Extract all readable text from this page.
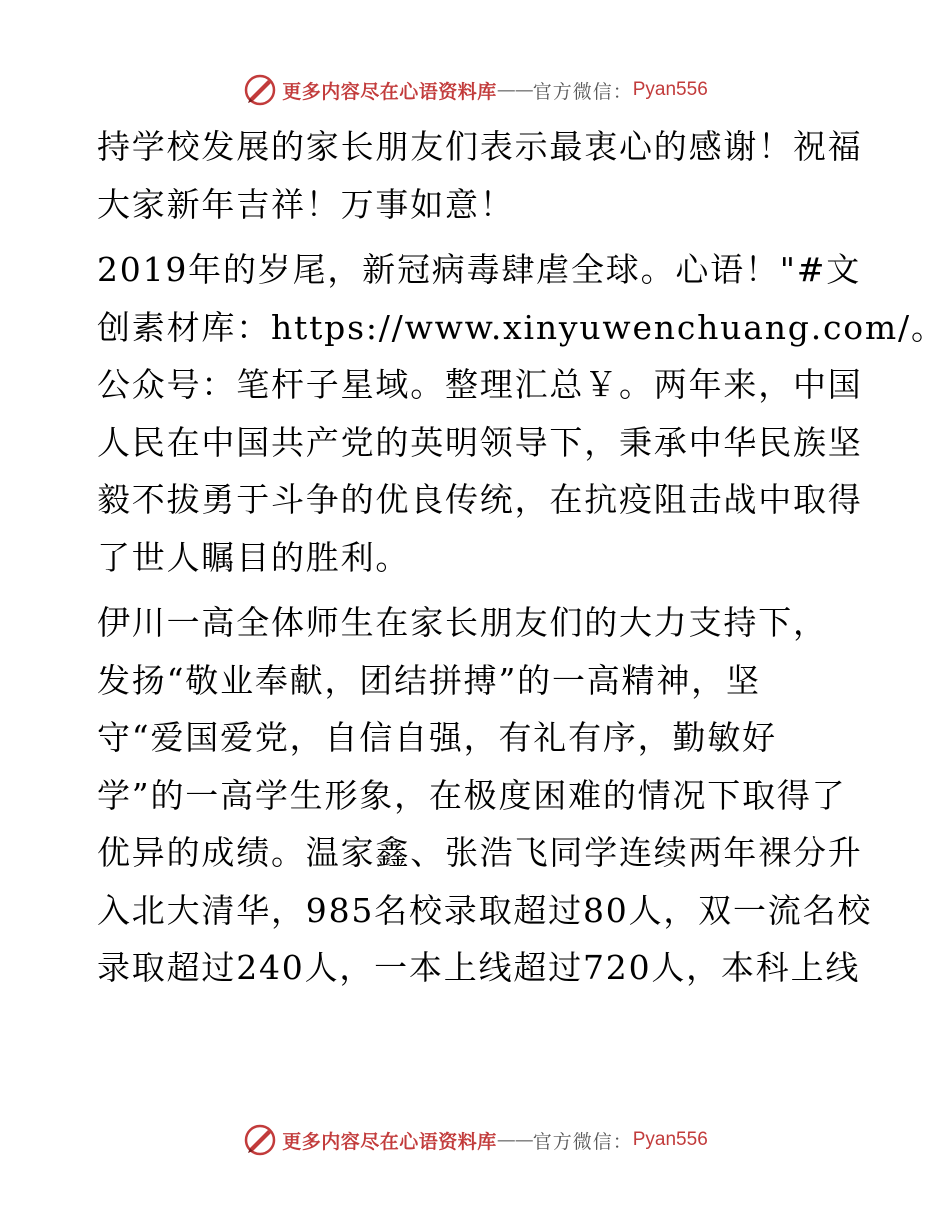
更多内容尽在心语资料库 —— 官方微信： Pyan556
持学校发展的家长朋友们表示最衷心的感谢！祝福
大家新年吉祥！万事如意！
2019年的岁尾，新冠病毒肆虐全球。心语！"#文
创素材库：https://www.xinyuwenchuang.com/。
公众号：笔杆子星域。整理汇总￥。两年来，中国
人民在中国共产党的英明领导下，秉承中华民族坚
毅不拔勇于斗争的优良传统，在抗疫阻击战中取得
了世人瞩目的胜利。
伊川一高全体师生在家长朋友们的大力支持下，
发扬“敬业奉献，团结拼搏”的一高精神，坚
守“爱国爱党，自信自强，有礼有序，勤敏好
学”的一高学生形象，在极度困难的情况下取得了
优异的成绩。温家鑫、张浩飞同学连续两年裸分升
入北大清华，985名校录取超过80人，双一流名校
录取超过240人，一本上线超过720人，本科上线
更多内容尽在心语资料库 —— 官方微信： Pyan556
